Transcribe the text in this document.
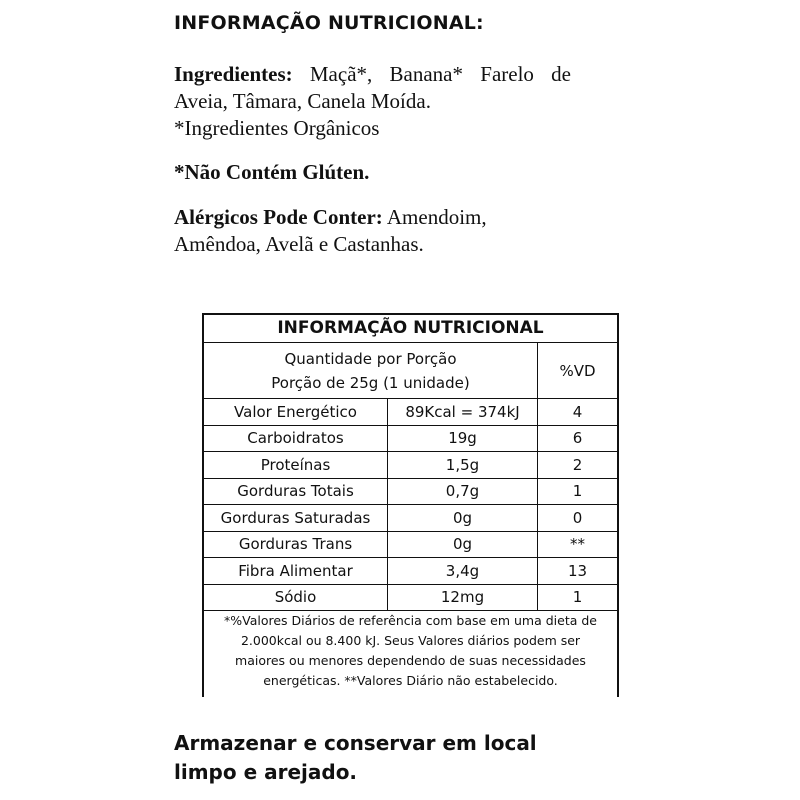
INFORMAÇÃO NUTRICIONAL:

Ingredientes: Maçã*, Banana* Farelo de Aveia, Tâmara, Canela Moída.
*Ingredientes Orgânicos

*Não Contém Glúten.

Alérgicos Pode Conter: Amendoim, Amêndoa, Avelã e Castanhas.

INFORMAÇÃO NUTRICIONAL
Quantidade por Porção
Porção de 25g (1 unidade)
%VD
Valor Energético	89Kcal = 374kJ	4
Carboidratos	19g	6
Proteínas	1,5g	2
Gorduras Totais	0,7g	1
Gorduras Saturadas	0g	0
Gorduras Trans	0g	**
Fibra Alimentar	3,4g	13
Sódio	12mg	1
*%Valores Diários de referência com base em uma dieta de
2.000kcal ou 8.400 kJ. Seus Valores diários podem ser
maiores ou menores dependendo de suas necessidades
energéticas. **Valores Diário não estabelecido.

Armazenar e conservar em local
limpo e arejado.
